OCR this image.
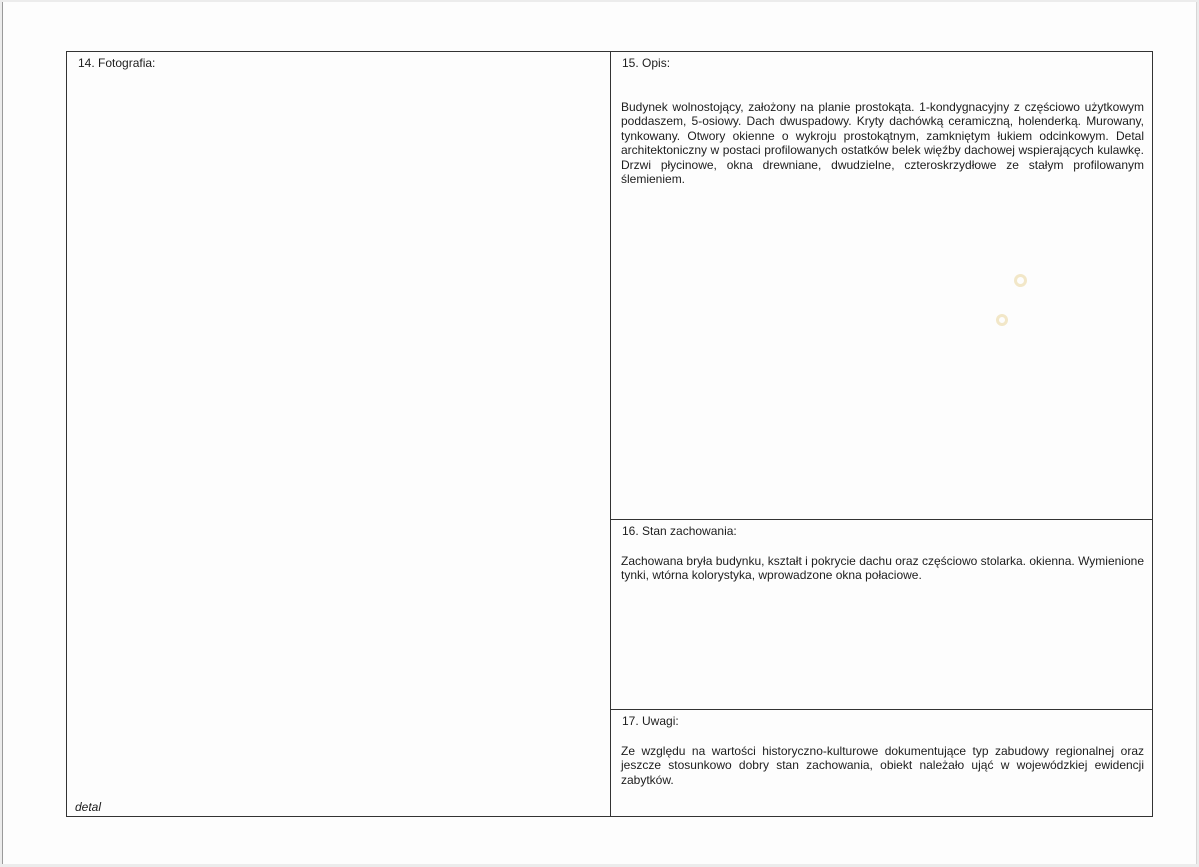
14. Fotografia:
detal
15. Opis:
Budynek wolnostojący, założony na planie prostokąta. 1-kondygnacyjny z częściowo użytkowym poddaszem, 5-osiowy. Dach dwuspadowy. Kryty dachówką ceramiczną, holenderką. Murowany, tynkowany. Otwory okienne o wykroju prostokątnym, zamkniętym łukiem odcinkowym. Detal architektoniczny w postaci profilowanych ostatków belek więźby dachowej wspierających kulawkę. Drzwi płycinowe, okna drewniane, dwudzielne, czteroskrzydłowe ze stałym profilowanym ślemieniem.
16. Stan zachowania:
Zachowana bryła budynku, kształt i pokrycie dachu oraz częściowo stolarka. okienna. Wymienione tynki, wtórna kolorystyka, wprowadzone okna połaciowe.
17. Uwagi:
Ze względu na wartości historyczno-kulturowe dokumentujące typ zabudowy regionalnej oraz jeszcze stosunkowo dobry stan zachowania, obiekt należało ująć w wojewódzkiej ewidencji zabytków.
